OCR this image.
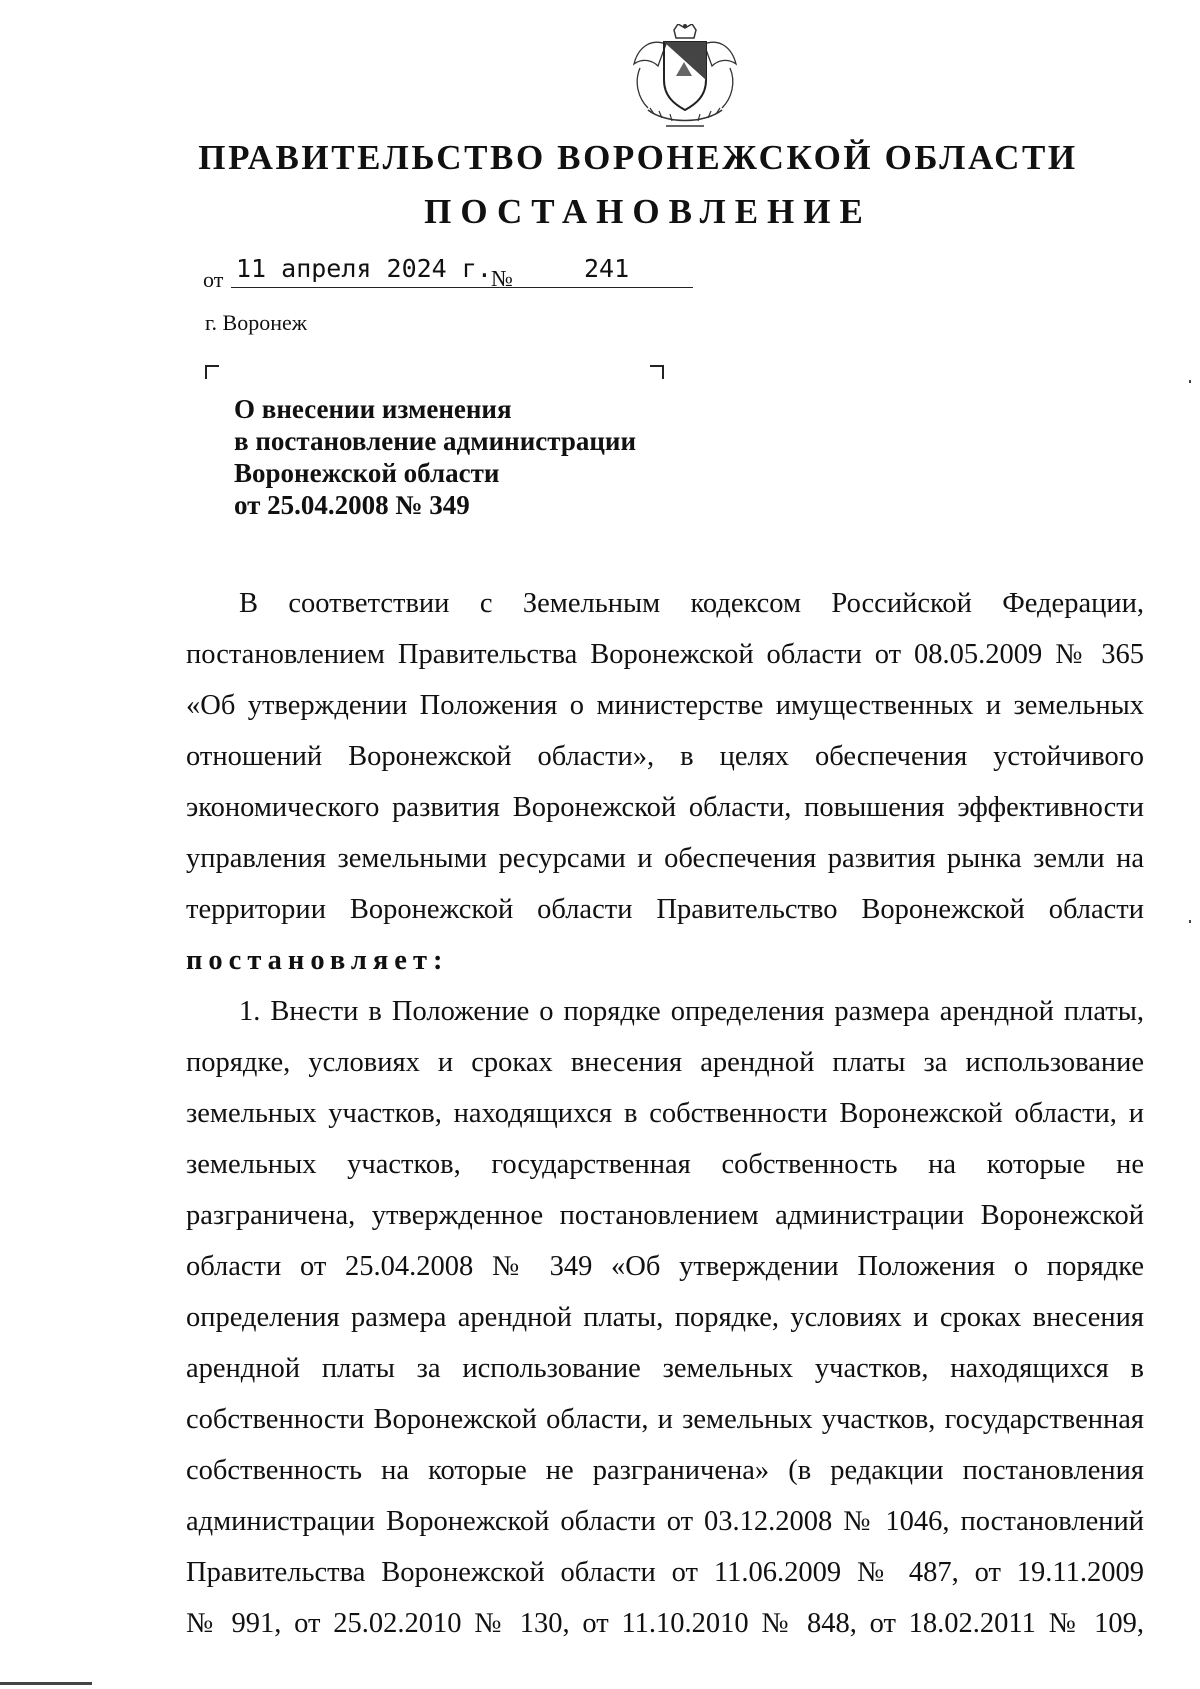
ПРАВИТЕЛЬСТВО ВОРОНЕЖСКОЙ ОБЛАСТИ
ПОСТАНОВЛЕНИЕ
от	№
11 апреля 2024 г.	241
г. Воронеж
О внесении изменения
в постановление администрации
Воронежской области
от 25.04.2008 № 349
В соответствии с Земельным кодексом Российской Федерации,
постановлением Правительства Воронежской области от 08.05.2009 № 365
«Об утверждении Положения о министерстве имущественных и земельных
отношений Воронежской области», в целях обеспечения устойчивого
экономического развития Воронежской области, повышения эффективности
управления земельными ресурсами и обеспечения развития рынка земли на
территории Воронежской области Правительство Воронежской области
постановляет:
1. Внести в Положение о порядке определения размера арендной платы,
порядке, условиях и сроках внесения арендной платы за использование
земельных участков, находящихся в собственности Воронежской области, и
земельных участков, государственная собственность на которые не
разграничена, утвержденное постановлением администрации Воронежской
области от 25.04.2008 № 349 «Об утверждении Положения о порядке
определения размера арендной платы, порядке, условиях и сроках внесения
арендной платы за использование земельных участков, находящихся в
собственности Воронежской области, и земельных участков, государственная
собственность на которые не разграничена» (в редакции постановления
администрации Воронежской области от 03.12.2008 № 1046, постановлений
Правительства Воронежской области от 11.06.2009 № 487, от 19.11.2009
№ 991, от 25.02.2010 № 130, от 11.10.2010 № 848, от 18.02.2011 № 109,
